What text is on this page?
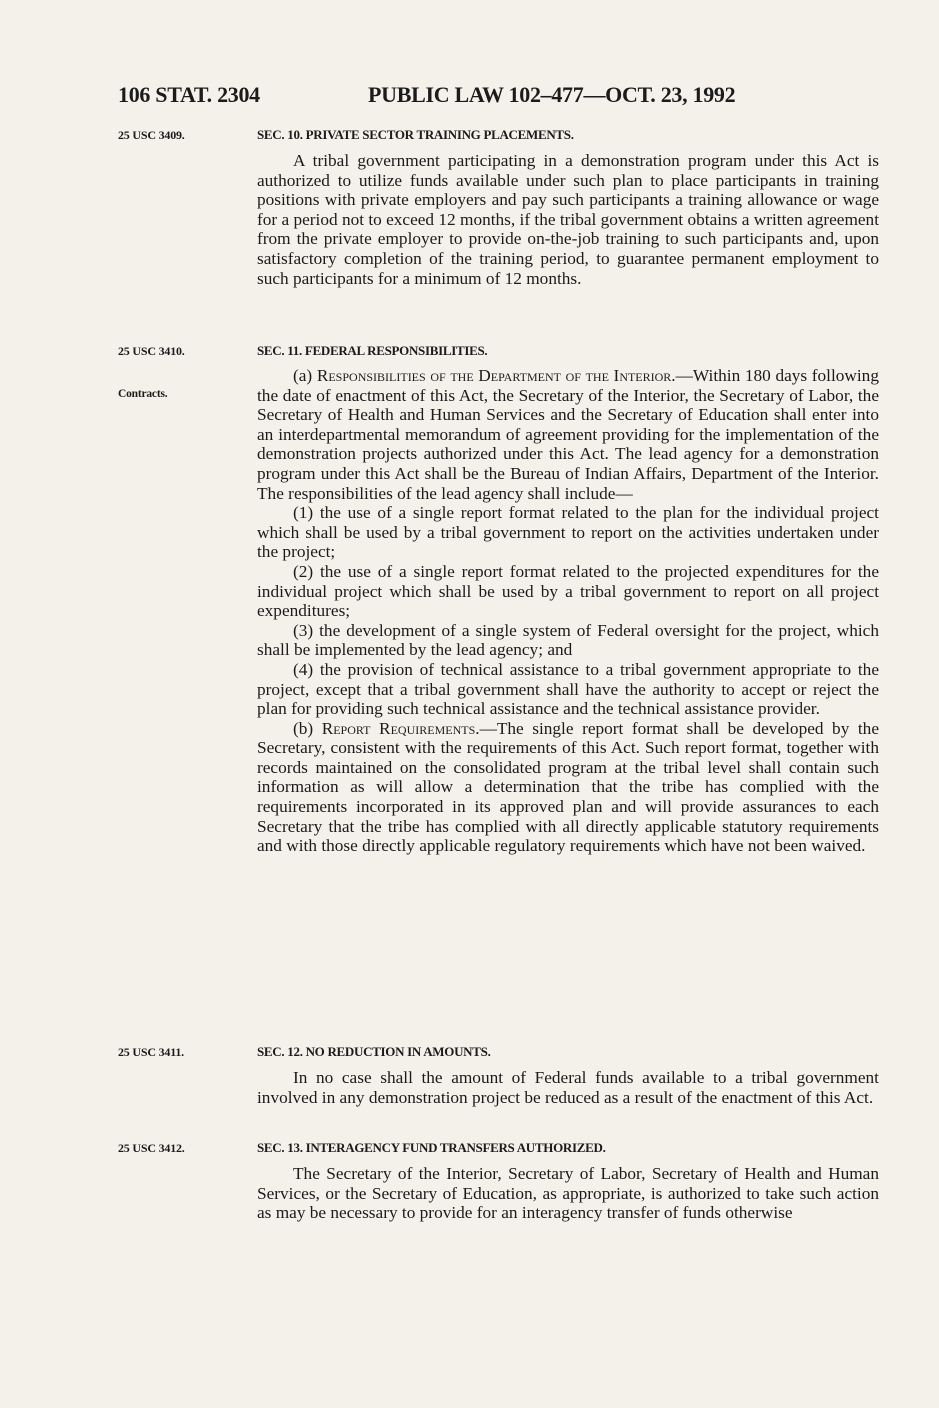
106 STAT. 2304	PUBLIC LAW 102–477—OCT. 23, 1992
25 USC 3409.	SEC. 10. PRIVATE SECTOR TRAINING PLACEMENTS.

A tribal government participating in a demonstration program under this Act is authorized to utilize funds available under such plan to place participants in training positions with private employers and pay such participants a training allowance or wage for a period not to exceed 12 months, if the tribal government obtains a written agreement from the private employer to provide on-the-job training to such participants and, upon satisfactory completion of the training period, to guarantee permanent employment to such participants for a minimum of 12 months.

25 USC 3410.	SEC. 11. FEDERAL RESPONSIBILITIES.
Contracts.

(a) Responsibilities of the Department of the Interior.—Within 180 days following the date of enactment of this Act, the Secretary of the Interior, the Secretary of Labor, the Secretary of Health and Human Services and the Secretary of Education shall enter into an interdepartmental memorandum of agreement providing for the implementation of the demonstration projects authorized under this Act. The lead agency for a demonstration program under this Act shall be the Bureau of Indian Affairs, Department of the Interior. The responsibilities of the lead agency shall include—

(1) the use of a single report format related to the plan for the individual project which shall be used by a tribal government to report on the activities undertaken under the project;

(2) the use of a single report format related to the projected expenditures for the individual project which shall be used by a tribal government to report on all project expenditures;

(3) the development of a single system of Federal oversight for the project, which shall be implemented by the lead agency; and

(4) the provision of technical assistance to a tribal government appropriate to the project, except that a tribal government shall have the authority to accept or reject the plan for providing such technical assistance and the technical assistance provider.

(b) Report Requirements.—The single report format shall be developed by the Secretary, consistent with the requirements of this Act. Such report format, together with records maintained on the consolidated program at the tribal level shall contain such information as will allow a determination that the tribe has complied with the requirements incorporated in its approved plan and will provide assurances to each Secretary that the tribe has complied with all directly applicable statutory requirements and with those directly applicable regulatory requirements which have not been waived.

25 USC 3411.	SEC. 12. NO REDUCTION IN AMOUNTS.

In no case shall the amount of Federal funds available to a tribal government involved in any demonstration project be reduced as a result of the enactment of this Act.

25 USC 3412.	SEC. 13. INTERAGENCY FUND TRANSFERS AUTHORIZED.

The Secretary of the Interior, Secretary of Labor, Secretary of Health and Human Services, or the Secretary of Education, as appropriate, is authorized to take such action as may be necessary to provide for an interagency transfer of funds otherwise
